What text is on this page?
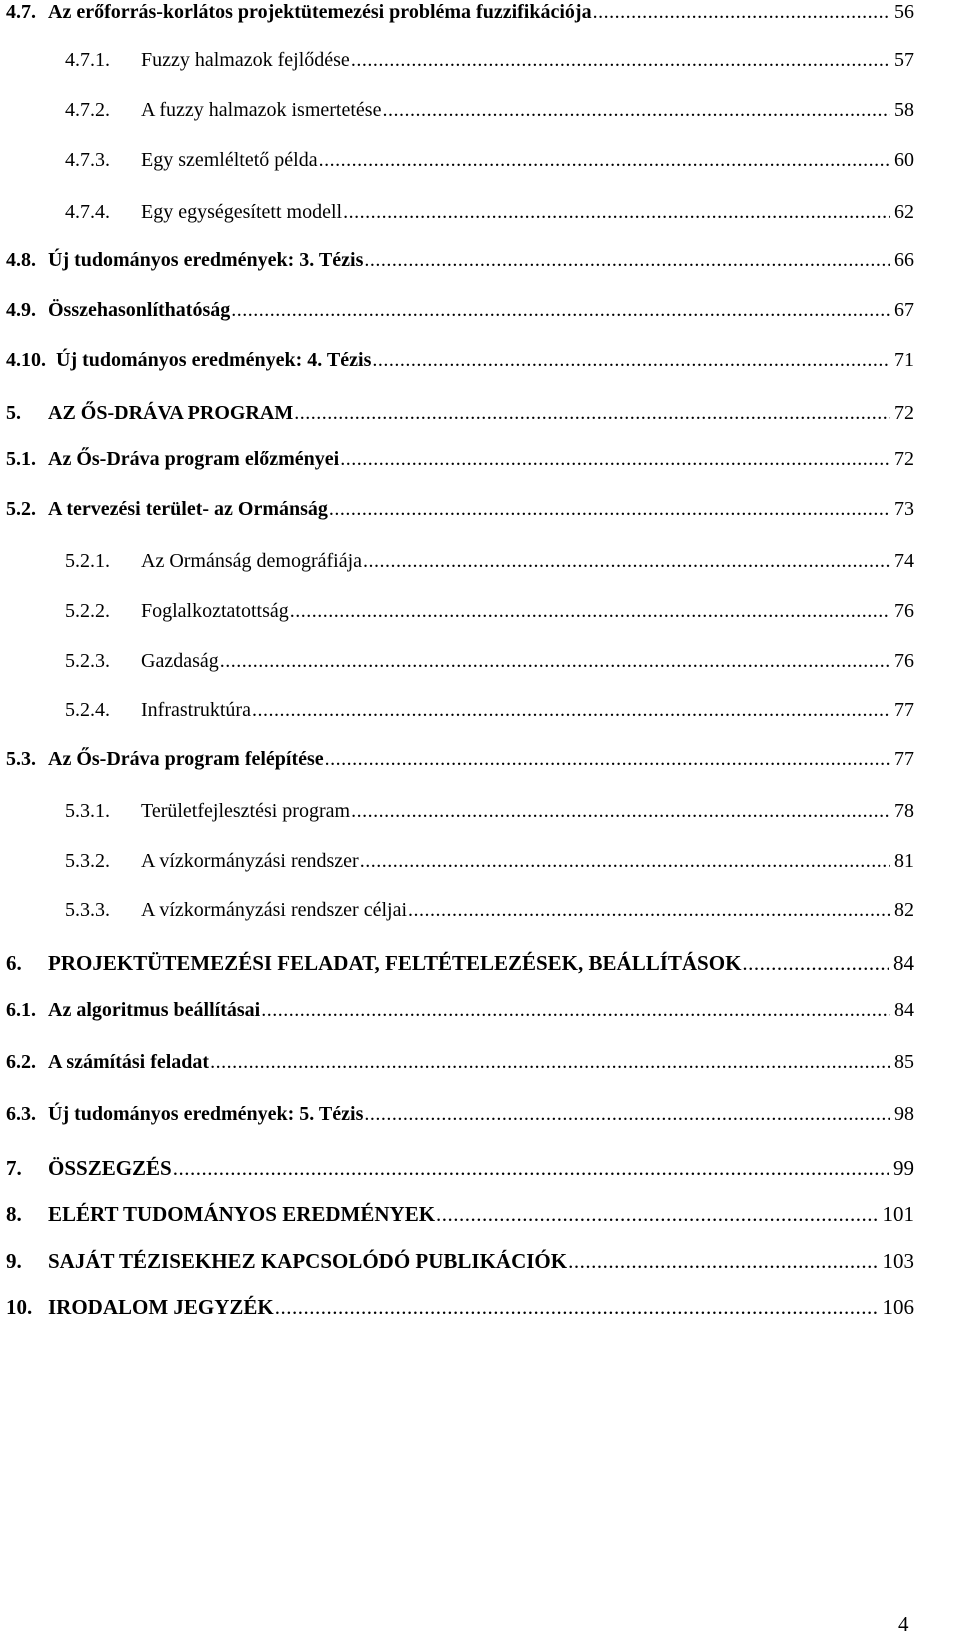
4.7. Az erőforrás-korlátos projektütemezési probléma fuzzifikációja .....	56
4.7.1.	Fuzzy halmazok fejlődése .....	57
4.7.2.	A fuzzy halmazok ismertetése .....	58
4.7.3.	Egy szemléltető példa .....	60
4.7.4.	Egy egységesített modell .....	62
4.8. Új tudományos eredmények: 3. Tézis .....	66
4.9. Összehasonlíthatóság .....	67
4.10. Új tudományos eredmények: 4. Tézis .....	71
5.	AZ ŐS-DRÁVA PROGRAM .....	72
5.1. Az Ős-Dráva program előzményei .....	72
5.2. A tervezési terület- az Ormánság .....	73
5.2.1.	Az Ormánság demográfiája .....	74
5.2.2.	Foglalkoztatottság .....	76
5.2.3.	Gazdaság .....	76
5.2.4.	Infrastruktúra .....	77
5.3. Az Ős-Dráva program felépítése .....	77
5.3.1.	Területfejlesztési program .....	78
5.3.2.	A vízkormányzási rendszer .....	81
5.3.3.	A vízkormányzási rendszer céljai .....	82
6.	PROJEKTÜTEMEZÉSI FELADAT, FELTÉTELEZÉSEK, BEÁLLÍTÁSOK .....	84
6.1. Az algoritmus beállításai .....	84
6.2. A számítási feladat .....	85
6.3. Új tudományos eredmények: 5. Tézis .....	98
7.	ÖSSZEGZÉS .....	99
8.	ELÉRT TUDOMÁNYOS EREDMÉNYEK .....	101
9.	SAJÁT TÉZISEKHEZ KAPCSOLÓDÓ PUBLIKÁCIÓK .....	103
10. IRODALOM JEGYZÉK .....	106
4
